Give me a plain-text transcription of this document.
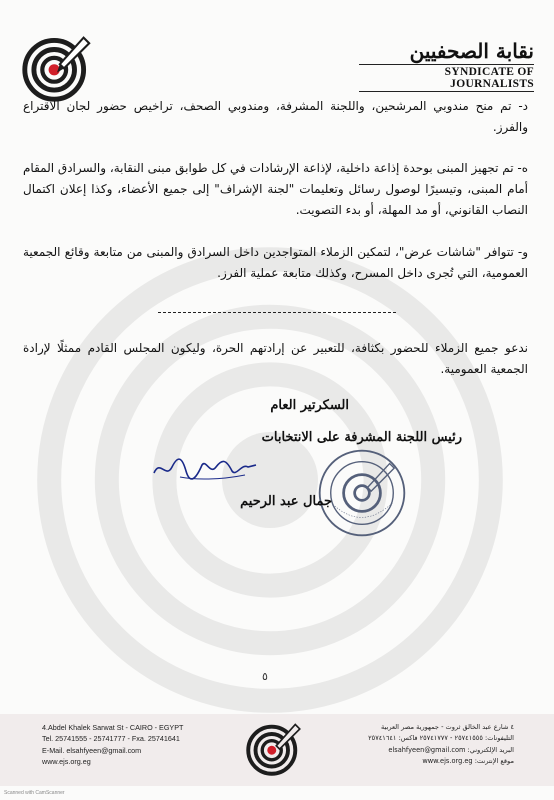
نقابة الصحفيين
SYNDICATE OF JOURNALISTS
د- تم منح مندوبي المرشحين، واللجنة المشرفة، ومندوبي الصحف، تراخيص حضور لجان الاقتراع والفرز.
ه- تم تجهيز المبنى بوحدة إذاعة داخلية، لإذاعة الإرشادات في كل طوابق مبنى النقابة، والسرادق المقام أمام المبنى، وتيسيرًا لوصول رسائل وتعليمات "لجنة الإشراف" إلى جميع الأعضاء، وكذا إعلان اكتمال النصاب القانوني، أو مد المهلة، أو بدء التصويت.
و- تتوافر "شاشات عرض"، لتمكين الزملاء المتواجدين داخل السرادق والمبنى من متابعة وقائع الجمعية العمومية، التي تُجرى داخل المسرح، وكذلك متابعة عملية الفرز.
ندعو جميع الزملاء للحضور بكثافة، للتعبير عن إرادتهم الحرة، وليكون المجلس القادم ممثلًا لإرادة الجمعية العمومية.
السكرتير العام
رئيس اللجنة المشرفة على الانتخابات
جمال عبد الرحيم
٥
4.Abdel Khalek Sarwat St - CAIRO - EGYPT
Tel. 25741555 - 25741777 - Fxa. 25741641
E-Mail. elsahfyeen@gmail.com
www.ejs.org.eg
٤ شارع عبد الخالق ثروت - جمهورية مصر العربية
التليفونات: ٢٥٧٤١٥٥٥ - ٢٥٧٤١٧٧٧ فاكس: ٢٥٧٤١٦٤١
البريد الإلكتروني: elsahfyeen@gmail.com
موقع الإنترنت: www.ejs.org.eg
Scanned with CamScanner
